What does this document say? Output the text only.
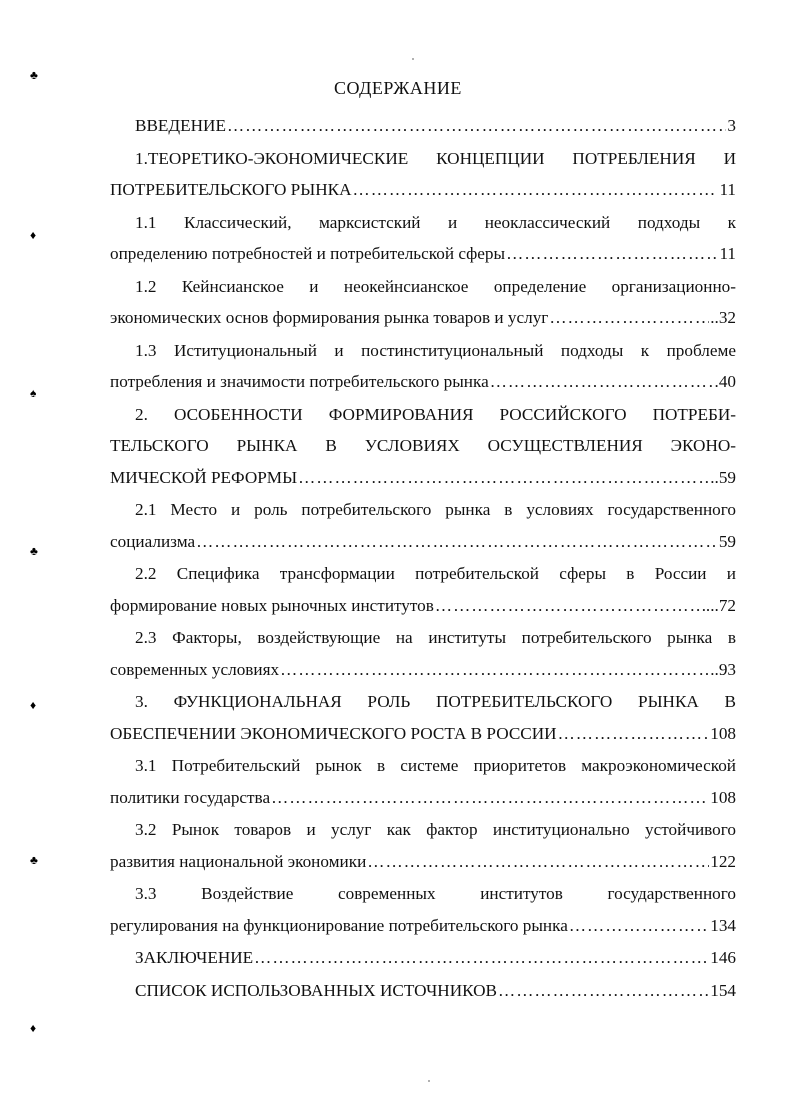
СОДЕРЖАНИЕ
ВВЕДЕНИЕ ………………………………………………………………………………………………………………………………………………………………	3
1.ТЕОРЕТИКО-ЭКОНОМИЧЕСКИЕ КОНЦЕПЦИИ ПОТРЕБЛЕНИЯ И
ПОТРЕБИТЕЛЬСКОГО РЫНКА ………………………………………………………………………………………………………………………………………………………………	11
1.1 Классический, марксистский и неоклассический подходы к
определению потребностей и потребительской сферы ………………………………………………………………………………………………………………………………………………………………	11
1.2 Кейнсианское и неокейнсианское определение организационно-
экономических основ формирования рынка товаров и услуг ………………………………………………………………………………………………………………………………………………………………	..32
1.3 Иституциональный и постинституциональный подходы к проблеме
потребления и значимости потребительского рынка ………………………………………………………………………………………………………………………………………………………………	40
2. ОСОБЕННОСТИ ФОРМИРОВАНИЯ РОССИЙСКОГО ПОТРЕБИ-
ТЕЛЬСКОГО РЫНКА В УСЛОВИЯХ ОСУЩЕСТВЛЕНИЯ ЭКОНО-
МИЧЕСКОЙ РЕФОРМЫ ………………………………………………………………………………………………………………………………………………………………	..59
2.1 Место и роль потребительского рынка в условиях государственного
социализма ………………………………………………………………………………………………………………………………………………………………	59
2.2 Специфика трансформации потребительской сферы в России и
формирование новых рыночных институтов ………………………………………………………………………………………………………………………………………………………………	...72
2.3 Факторы, воздействующие на институты потребительского рынка в
современных условиях ………………………………………………………………………………………………………………………………………………………………	..93
3. ФУНКЦИОНАЛЬНАЯ РОЛЬ ПОТРЕБИТЕЛЬСКОГО РЫНКА В
ОБЕСПЕЧЕНИИ ЭКОНОМИЧЕСКОГО РОСТА В РОССИИ ………………………………………………………………………………………………………………………………………………………………	108
3.1 Потребительский рынок в системе приоритетов макроэкономической
политики государства ………………………………………………………………………………………………………………………………………………………………	108
3.2 Рынок товаров и услуг как фактор институционально устойчивого
развития национальной экономики ………………………………………………………………………………………………………………………………………………………………	122
3.3 Воздействие современных институтов государственного
регулирования на функционирование потребительского рынка ………………………………………………………………………………………………………………………………………………………………	134
ЗАКЛЮЧЕНИЕ ………………………………………………………………………………………………………………………………………………………………	146
СПИСОК ИСПОЛЬЗОВАННЫХ ИСТОЧНИКОВ ………………………………………………………………………………………………………………………………………………………………	154
♣
♦
♠
♣
♦
♣
♦
